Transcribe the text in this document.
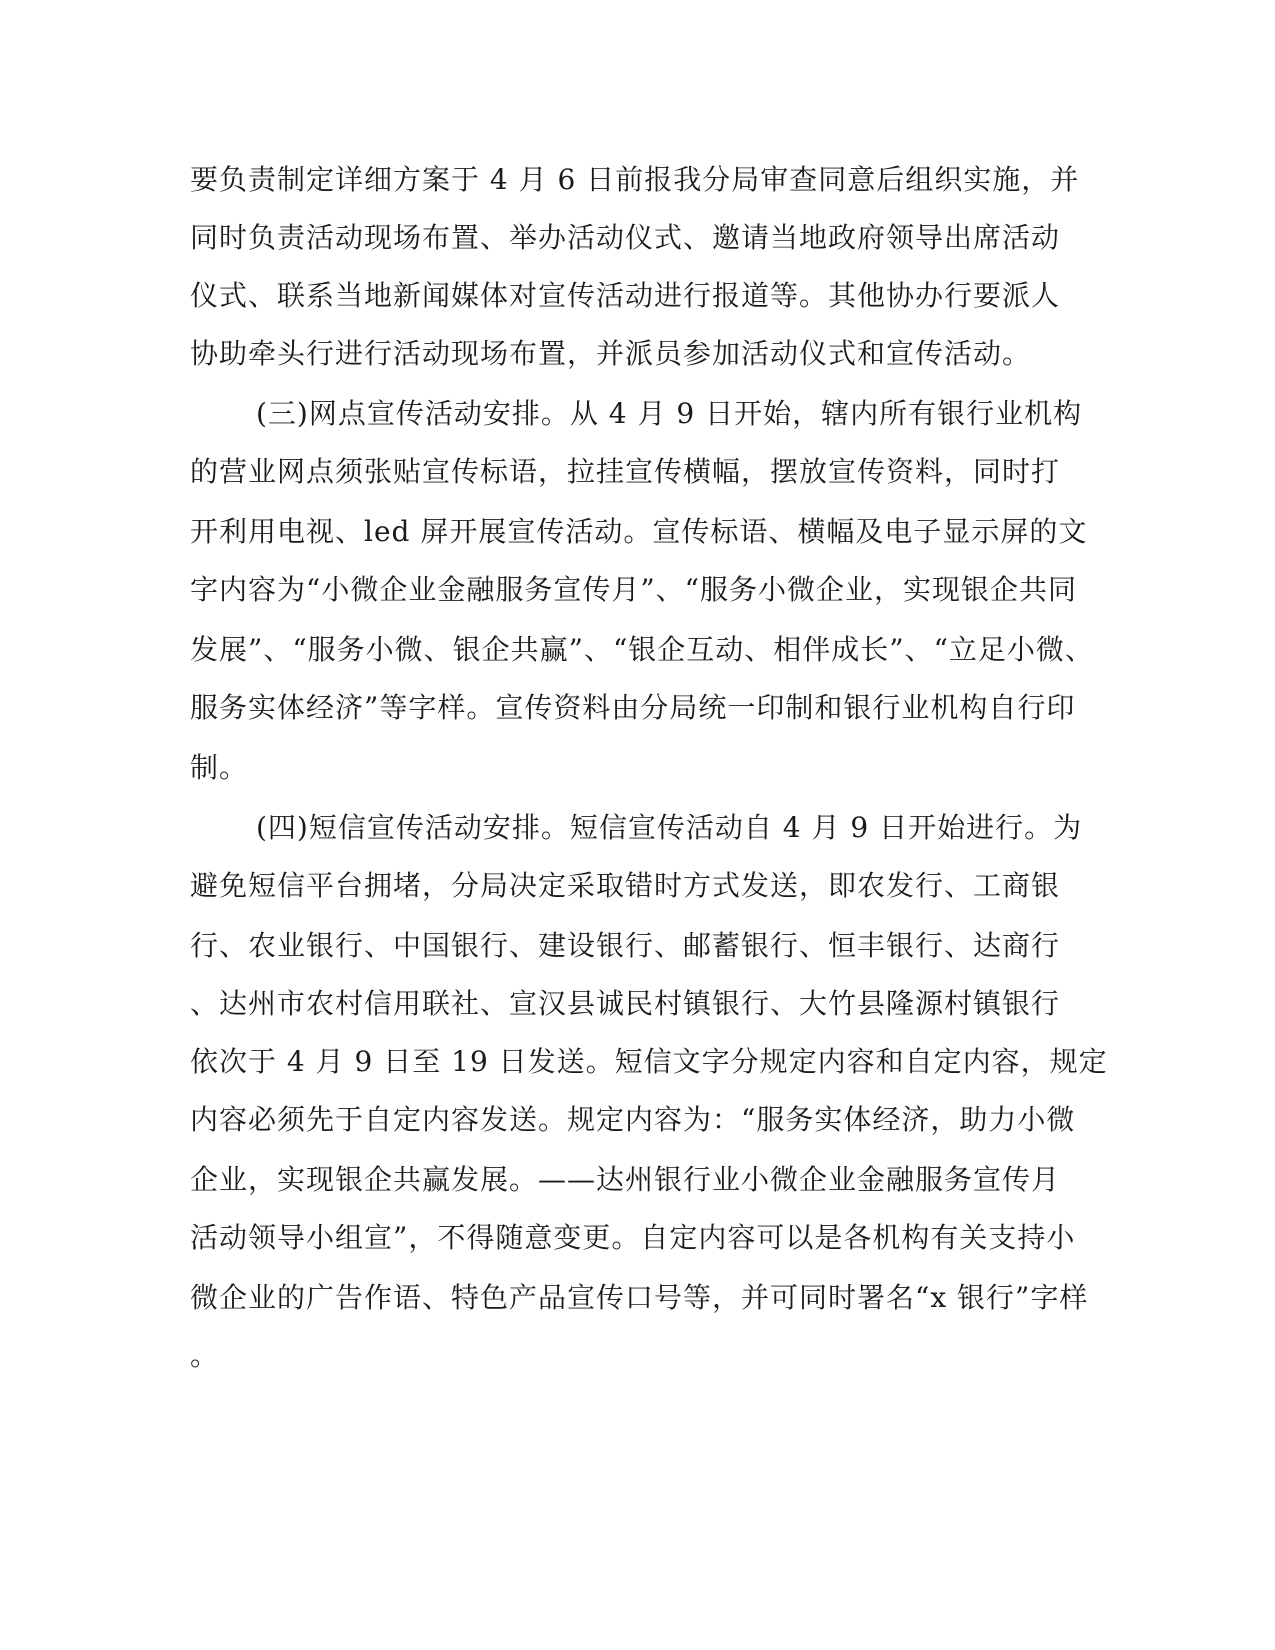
要负责制定详细方案于 4 月 6 日前报我分局审查同意后组织实施，并
同时负责活动现场布置、举办活动仪式、邀请当地政府领导出席活动
仪式、联系当地新闻媒体对宣传活动进行报道等。其他协办行要派人
协助牵头行进行活动现场布置，并派员参加活动仪式和宣传活动。
(三)网点宣传活动安排。从 4 月 9 日开始，辖内所有银行业机构
的营业网点须张贴宣传标语，拉挂宣传横幅，摆放宣传资料，同时打
开利用电视、led 屏开展宣传活动。宣传标语、横幅及电子显示屏的文
字内容为“小微企业金融服务宣传月”、“服务小微企业，实现银企共同
发展”、“服务小微、银企共赢”、“银企互动、相伴成长”、“立足小微、
服务实体经济”等字样。宣传资料由分局统一印制和银行业机构自行印
制。
(四)短信宣传活动安排。短信宣传活动自 4 月 9 日开始进行。为
避免短信平台拥堵，分局决定采取错时方式发送，即农发行、工商银
行、农业银行、中国银行、建设银行、邮蓄银行、恒丰银行、达商行
、达州市农村信用联社、宣汉县诚民村镇银行、大竹县隆源村镇银行
依次于 4 月 9 日至 19 日发送。短信文字分规定内容和自定内容，规定
内容必须先于自定内容发送。规定内容为：“服务实体经济，助力小微
企业，实现银企共赢发展。——达州银行业小微企业金融服务宣传月
活动领导小组宣”，不得随意变更。自定内容可以是各机构有关支持小
微企业的广告作语、特色产品宣传口号等，并可同时署名“x 银行”字样
。
